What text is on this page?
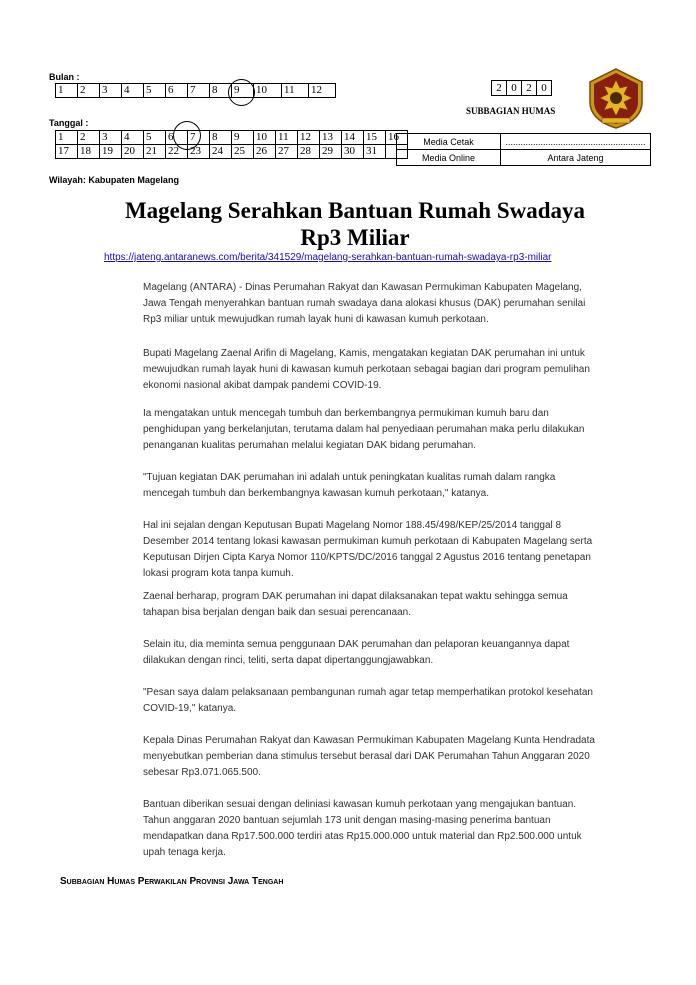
Bulan :
1	2	3	4	5	6	7	8	9	10	11	12
Tanggal :
1	2	3	4	5	6	7	8	9	10	11	12	13	14	15	16
17	18	19	20	21	22	23	24	25	26	27	28	29	30	31	
2 0 2 0
SUBBAGIAN HUMAS
Media Cetak	........................................................
Media Online	Antara Jateng
Wilayah: Kabupaten Magelang
Magelang Serahkan Bantuan Rumah Swadaya
Rp3 Miliar
https://jateng.antaranews.com/berita/341529/magelang-serahkan-bantuan-rumah-swadaya-rp3-miliar
Magelang (ANTARA) - Dinas Perumahan Rakyat dan Kawasan Permukiman Kabupaten Magelang, Jawa Tengah menyerahkan bantuan rumah swadaya dana alokasi khusus (DAK) perumahan senilai Rp3 miliar untuk mewujudkan rumah layak huni di kawasan kumuh perkotaan.
Bupati Magelang Zaenal Arifin di Magelang, Kamis, mengatakan kegiatan DAK perumahan ini untuk mewujudkan rumah layak huni di kawasan kumuh perkotaan sebagai bagian dari program pemulihan ekonomi nasional akibat dampak pandemi COVID-19.
Ia mengatakan untuk mencegah tumbuh dan berkembangnya permukiman kumuh baru dan penghidupan yang berkelanjutan, terutama dalam hal penyediaan perumahan maka perlu dilakukan penanganan kualitas perumahan melalui kegiatan DAK bidang perumahan.
"Tujuan kegiatan DAK perumahan ini adalah untuk peningkatan kualitas rumah dalam rangka mencegah tumbuh dan berkembangnya kawasan kumuh perkotaan," katanya.
Hal ini sejalan dengan Keputusan Bupati Magelang Nomor 188.45/498/KEP/25/2014 tanggal 8 Desember 2014 tentang lokasi kawasan permukiman kumuh perkotaan di Kabupaten Magelang serta Keputusan Dirjen Cipta Karya Nomor 110/KPTS/DC/2016 tanggal 2 Agustus 2016 tentang penetapan lokasi program kota tanpa kumuh.
Zaenal berharap, program DAK perumahan ini dapat dilaksanakan tepat waktu sehingga semua tahapan bisa berjalan dengan baik dan sesuai perencanaan.
Selain itu, dia meminta semua penggunaan DAK perumahan dan pelaporan keuangannya dapat dilakukan dengan rinci, teliti, serta dapat dipertanggungjawabkan.
"Pesan saya dalam pelaksanaan pembangunan rumah agar tetap memperhatikan protokol kesehatan COVID-19," katanya.
Kepala Dinas Perumahan Rakyat dan Kawasan Permukiman Kabupaten Magelang Kunta Hendradata menyebutkan pemberian dana stimulus tersebut berasal dari DAK Perumahan Tahun Anggaran 2020 sebesar Rp3.071.065.500.
Bantuan diberikan sesuai dengan deliniasi kawasan kumuh perkotaan yang mengajukan bantuan. Tahun anggaran 2020 bantuan sejumlah 173 unit dengan masing-masing penerima bantuan mendapatkan dana Rp17.500.000 terdiri atas Rp15.000.000 untuk material dan Rp2.500.000 untuk upah tenaga kerja.
Subbagian Humas Perwakilan Provinsi Jawa Tengah
